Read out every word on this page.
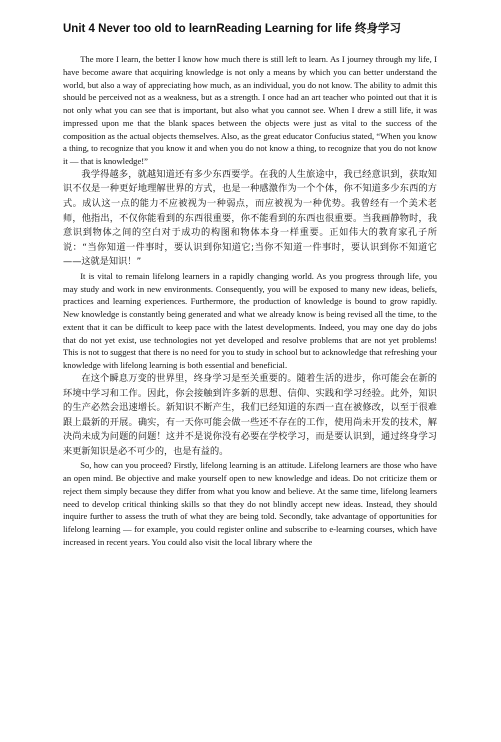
Unit 4 Never too old to learnReading Learning for life 终身学习

The more I learn, the better I know how much there is still left to learn. As I journey through my life, I have become aware that acquiring knowledge is not only a means by which you can better understand the world, but also a way of appreciating how much, as an individual, you do not know. The ability to admit this should be perceived not as a weakness, but as a strength. I once had an art teacher who pointed out that it is not only what you can see that is important, but also what you cannot see. When I drew a still life, it was impressed upon me that the blank spaces between the objects were just as vital to the success of the composition as the actual objects themselves. Also, as the great educator Confucius stated, “When you know a thing, to recognize that you know it and when you do not know a thing, to recognize that you do not know it — that is knowledge!”

我学得越多，就越知道还有多少东西要学。在我的人生旅途中，我已经意识到，获取知识不仅是一种更好地理解世界的方式，也是一种感激作为一个个体，你不知道多少东西的方式。成认这一点的能力不应被视为一种弱点，而应被视为一种优势。我曾经有一个美术老师，他指出，不仅你能看到的东西很重要，你不能看到的东西也很重要。当我画静物时，我意识到物体之间的空白对于成功的构图和物体本身一样重要。正如伟大的教育家孔子所说：“当你知道一件事时，要认识到你知道它;当你不知道一件事时，要认识到你不知道它——这就是知识！”

It is vital to remain lifelong learners in a rapidly changing world. As you progress through life, you may study and work in new environments. Consequently, you will be exposed to many new ideas, beliefs, practices and learning experiences. Furthermore, the production of knowledge is bound to grow rapidly. New knowledge is constantly being generated and what we already know is being revised all the time, to the extent that it can be difficult to keep pace with the latest developments. Indeed, you may one day do jobs that do not yet exist, use technologies not yet developed and resolve problems that are not yet problems! This is not to suggest that there is no need for you to study in school but to acknowledge that refreshing your knowledge with lifelong learning is both essential and beneficial.

在这个瞬息万变的世界里，终身学习是至关重要的。随着生活的进步，你可能会在新的环境中学习和工作。因此，你会接触到许多新的思想、信仰、实践和学习经验。此外，知识的生产必然会迅速增长。新知识不断产生，我们已经知道的东西一直在被修改，以至于很难跟上最新的开展。确实，有一天你可能会做一些还不存在的工作，使用尚未开发的技术，解决尚未成为问题的问题！这并不是说你没有必要在学校学习，而是要认识到，通过终身学习来更新知识是必不可少的，也是有益的。

So, how can you proceed? Firstly, lifelong learning is an attitude. Lifelong learners are those who have an open mind. Be objective and make yourself open to new knowledge and ideas. Do not criticize them or reject them simply because they differ from what you know and believe. At the same time, lifelong learners need to develop critical thinking skills so that they do not blindly accept new ideas. Instead, they should inquire further to assess the truth of what they are being told. Secondly, take advantage of opportunities for lifelong learning — for example, you could register online and subscribe to e-learning courses, which have increased in recent years. You could also visit the local library where the
